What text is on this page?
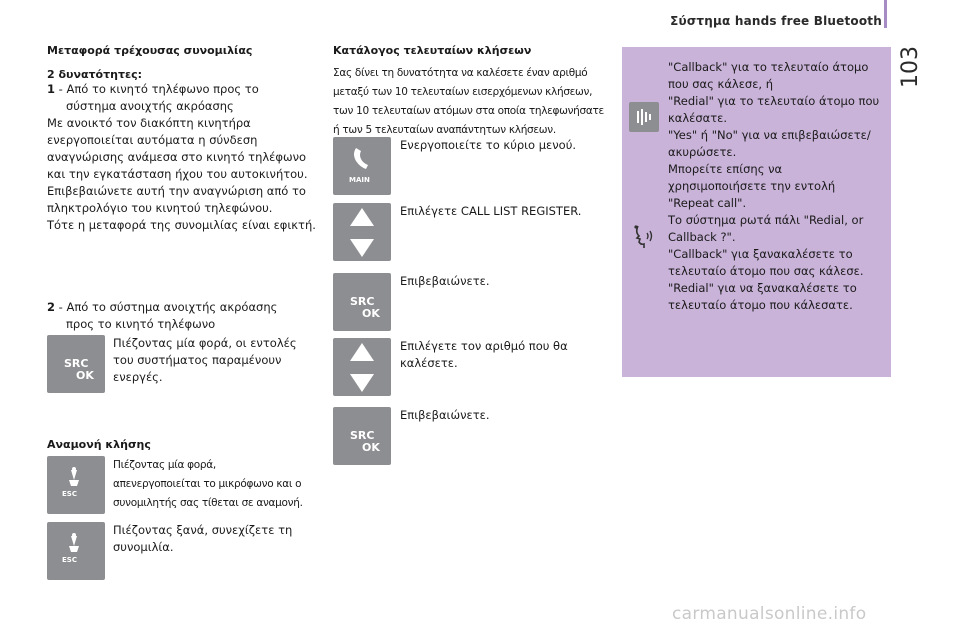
Σύστημα hands free Bluetooth
103
Μεταφορά τρέχουσας συνομιλίας
2 δυνατότητες:
1 - Από το κινητό τηλέφωνο προς το
σύστημα ανοιχτής ακρόασης
Με ανοικτό τον διακόπτη κινητήρα
ενεργοποιείται αυτόματα η σύνδεση
αναγνώρισης ανάμεσα στο κινητό τηλέφωνο
και την εγκατάσταση ήχου του αυτοκινήτου.
Επιβεβαιώνετε αυτή την αναγνώριση από το
πληκτρολόγιο του κινητού τηλεφώνου.
Τότε η μεταφορά της συνομιλίας είναι εφικτή.
2 - Από το σύστημα ανοιχτής ακρόασης
προς το κινητό τηλέφωνο
SRC
OK
Πιέζοντας μία φορά, οι εντολές
του συστήματος παραμένουν
ενεργές.
Αναμονή κλήσης
ESC
Πιέζοντας μία φορά,
απενεργοποιείται το μικρόφωνο και ο
συνομιλητής σας τίθεται σε αναμονή.
ESC
Πιέζοντας ξανά, συνεχίζετε τη
συνομιλία.
Κατάλογος τελευταίων κλήσεων
Σας δίνει τη δυνατότητα να καλέσετε έναν αριθμό
μεταξύ των 10 τελευταίων εισερχόμενων κλήσεων,
των 10 τελευταίων ατόμων στα οποία τηλεφωνήσατε
ή των 5 τελευταίων αναπάντητων κλήσεων.
MAIN
Ενεργοποιείτε το κύριο μενού.
Επιλέγετε CALL LIST REGISTER.
SRC
OK
Επιβεβαιώνετε.
Επιλέγετε τον αριθμό που θα
καλέσετε.
SRC
OK
Επιβεβαιώνετε.
"Callback" για το τελευταίο άτομο
που σας κάλεσε, ή
"Redial" για το τελευταίο άτομο που
καλέσατε.
"Yes" ή "No" για να επιβεβαιώσετε/
ακυρώσετε.
Μπορείτε επίσης να
χρησιμοποιήσετε την εντολή
"Repeat call".
Το σύστημα ρωτά πάλι "Redial, or
Callback ?".
"Callback" για ξανακαλέσετε το
τελευταίο άτομο που σας κάλεσε.
"Redial" για να ξανακαλέσετε το
τελευταίο άτομο που κάλεσατε.
carmanualsonline.info
